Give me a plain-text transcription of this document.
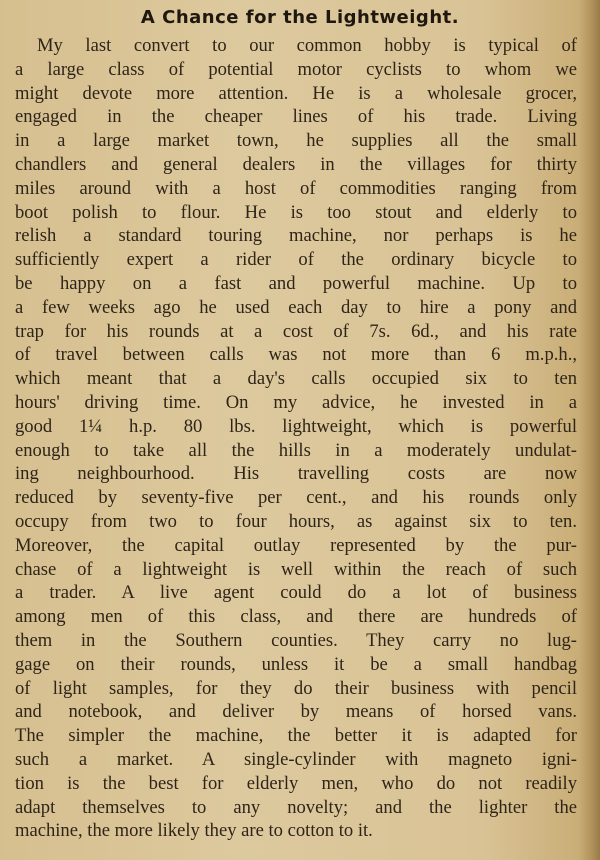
A Chance for the Lightweight.
My last convert to our common hobby is typical of
a large class of potential motor cyclists to whom we
might devote more attention. He is a wholesale grocer,
engaged in the cheaper lines of his trade. Living
in a large market town, he supplies all the small
chandlers and general dealers in the villages for thirty
miles around with a host of commodities ranging from
boot polish to flour. He is too stout and elderly to
relish a standard touring machine, nor perhaps is he
sufficiently expert a rider of the ordinary bicycle to
be happy on a fast and powerful machine. Up to
a few weeks ago he used each day to hire a pony and
trap for his rounds at a cost of 7s. 6d., and his rate
of travel between calls was not more than 6 m.p.h.,
which meant that a day's calls occupied six to ten
hours' driving time. On my advice, he invested in a
good 1¼ h.p. 80 lbs. lightweight, which is powerful
enough to take all the hills in a moderately undulat-
ing neighbourhood. His travelling costs are now
reduced by seventy-five per cent., and his rounds only
occupy from two to four hours, as against six to ten.
Moreover, the capital outlay represented by the pur-
chase of a lightweight is well within the reach of such
a trader. A live agent could do a lot of business
among men of this class, and there are hundreds of
them in the Southern counties. They carry no lug-
gage on their rounds, unless it be a small handbag
of light samples, for they do their business with pencil
and notebook, and deliver by means of horsed vans.
The simpler the machine, the better it is adapted for
such a market. A single-cylinder with magneto igni-
tion is the best for elderly men, who do not readily
adapt themselves to any novelty; and the lighter the
machine, the more likely they are to cotton to it.
